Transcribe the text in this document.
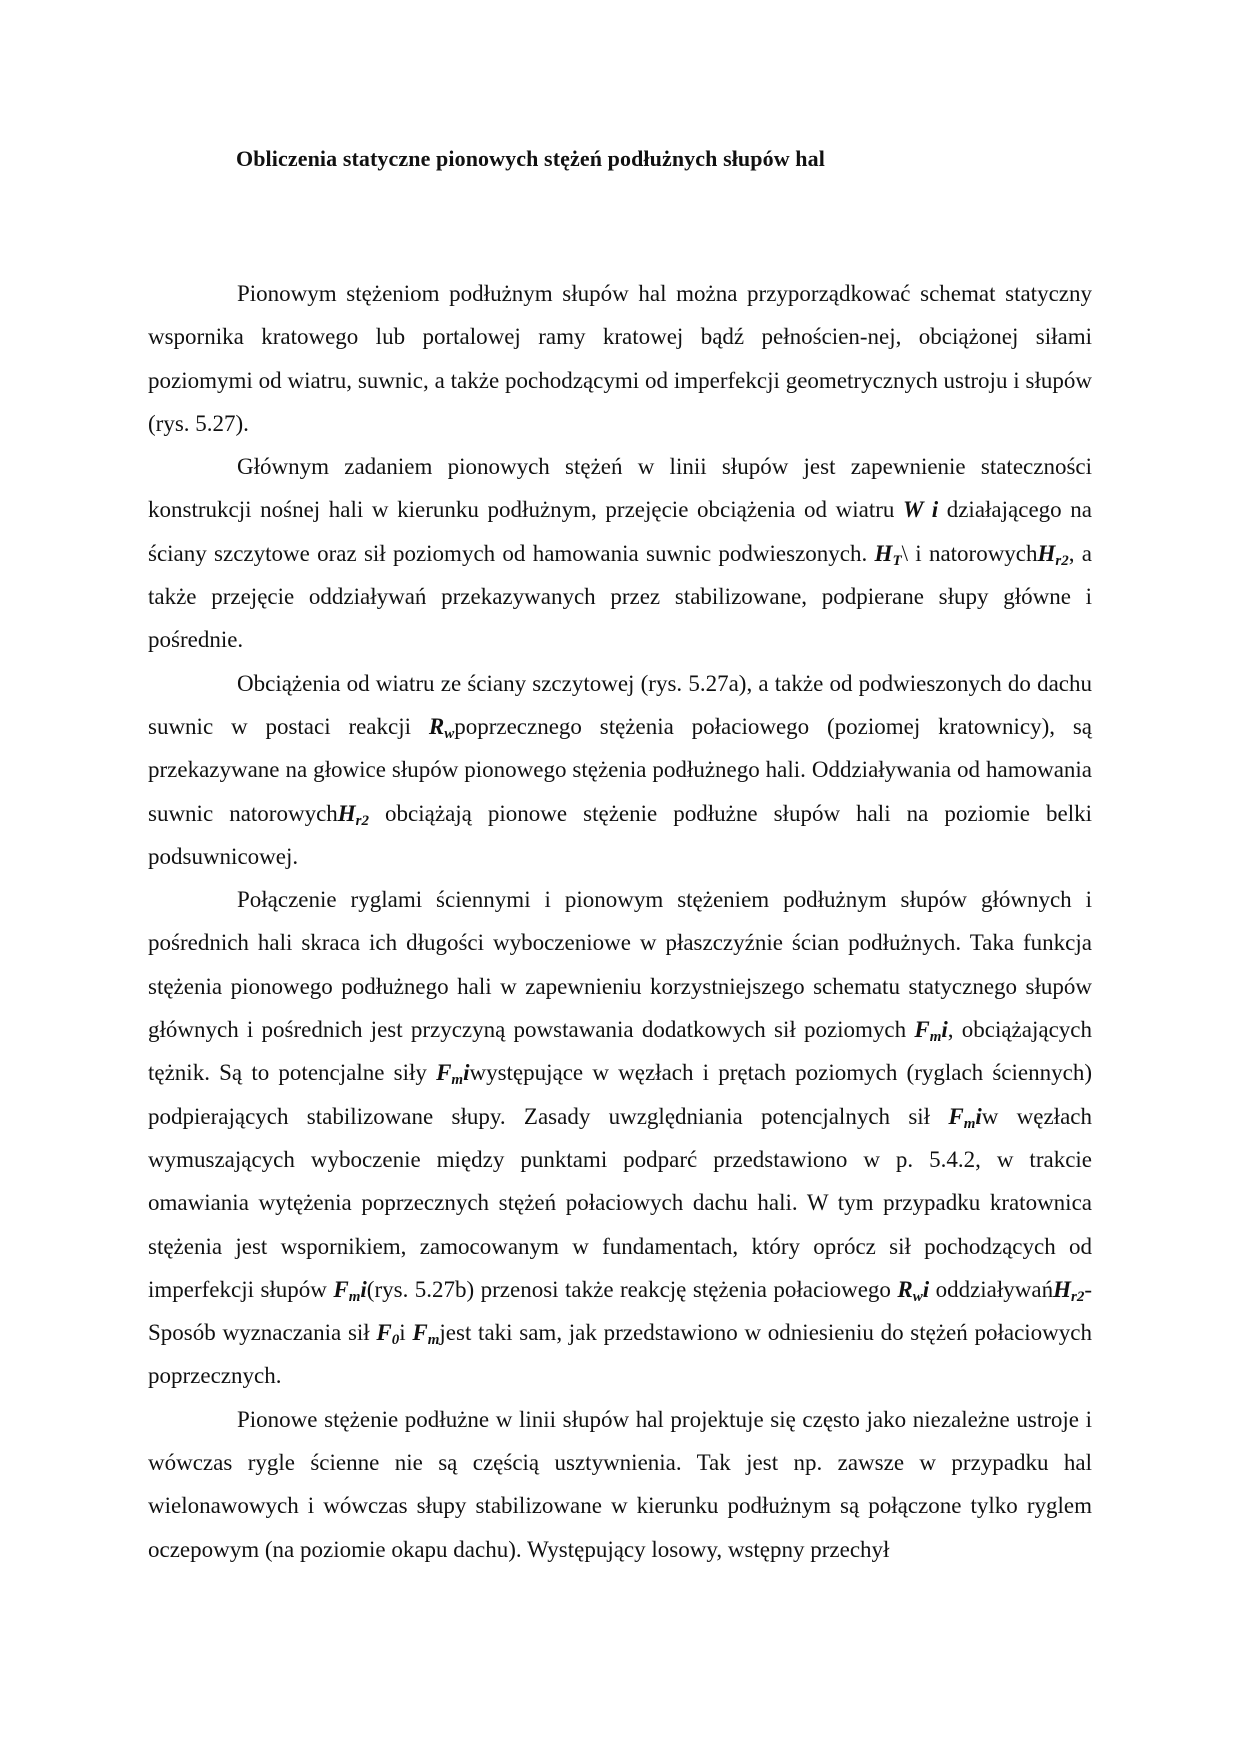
Obliczenia statyczne pionowych stężeń podłużnych słupów hal

Pionowym stężeniom podłużnym słupów hal można przyporządkować schemat statyczny wspornika kratowego lub portalowej ramy kratowej bądź pełnościen-nej, obciążonej siłami poziomymi od wiatru, suwnic, a także pochodzącymi od imperfekcji geometrycznych ustroju i słupów (rys. 5.27).

Głównym zadaniem pionowych stężeń w linii słupów jest zapewnienie stateczności konstrukcji nośnej hali w kierunku podłużnym, przejęcie obciążenia od wiatru W i działającego na ściany szczytowe oraz sił poziomych od hamowania suwnic podwieszonych. $H_T\backslash$ i natorowychH$_{r2}$, a także przejęcie oddziaływań przekazywanych przez stabilizowane, podpierane słupy główne i pośrednie.

Obciążenia od wiatru ze ściany szczytowej (rys. 5.27a), a także od podwieszonych do dachu suwnic w postaci reakcji $R_wpoprzecznego$ stężenia połaciowego (poziomej kratownicy), są przekazywane na głowice słupów pionowego stężenia podłużnego hali. Oddziaływania od hamowania suwnic natorowychH$_{r2}$ obciążają pionowe stężenie podłużne słupów hali na poziomie belki podsuwnicowej.

Połączenie ryglami ściennymi i pionowym stężeniem podłużnym słupów głównych i pośrednich hali skraca ich długości wyboczeniowe w płaszczyźnie ścian podłużnych. Taka funkcja stężenia pionowego podłużnego hali w zapewnieniu korzystniejszego schematu statycznego słupów głównych i pośrednich jest przyczyną powstawania dodatkowych sił poziomych $F_mi$, obciążających tężnik. Są to potencjalne siły $F_miwystępujące$ w węzłach i prętach poziomych (ryglach ściennych) podpierających stabilizowane słupy. Zasady uwzględniania potencjalnych sił $F_miw$ węzłach wymuszających wyboczenie między punktami podparć przedstawiono w p. 5.4.2, w trakcie omawiania wytężenia poprzecznych stężeń połaciowych dachu hali. W tym przypadku kratownica stężenia jest wspornikiem, zamocowanym w fundamentach, który oprócz sił pochodzących od imperfekcji słupów $F_mi(rys$. 5.27b) przenosi także reakcję stężenia połaciowego $R_wi$ oddziaływańH$_{r2}$- Sposób wyznaczania sił $F_0i$ $F_mjest$ taki sam, jak przedstawiono w odniesieniu do stężeń połaciowych poprzecznych.

Pionowe stężenie podłużne w linii słupów hal projektuje się często jako niezależne ustroje i wówczas rygle ścienne nie są częścią usztywnienia. Tak jest np. zawsze w przypadku hal wielonawowych i wówczas słupy stabilizowane w kierunku podłużnym są połączone tylko ryglem oczepowym (na poziomie okapu dachu). Występujący losowy, wstępny przechył
